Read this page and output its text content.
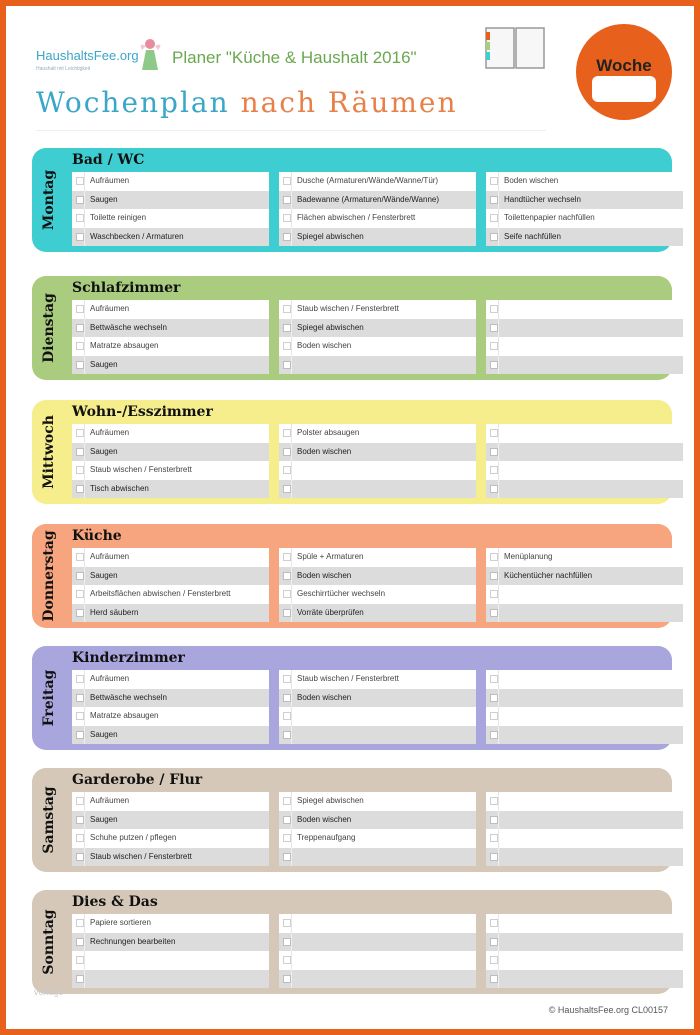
HaushaltsFee.org
Haushalt mit Leichtigkeit
Planer "Küche & Haushalt 2016"	Woche
Wochenplan nach Räumen
Montag
Bad / WC
Aufräumen
Saugen
Toilette reinigen
Waschbecken / Armaturen
Dusche (Armaturen/Wände/Wanne/Tür)
Badewanne (Armaturen/Wände/Wanne)
Flächen abwischen / Fensterbrett
Spiegel abwischen
Boden wischen
Handtücher wechseln
Toilettenpapier nachfüllen
Seife nachfüllen
Dienstag
Schlafzimmer
Aufräumen
Bettwäsche wechseln
Matratze absaugen
Saugen
Staub wischen / Fensterbrett
Spiegel abwischen
Boden wischen
Mittwoch
Wohn-/Esszimmer
Aufräumen
Saugen
Staub wischen / Fensterbrett
Tisch abwischen
Polster absaugen
Boden wischen
Donnerstag Küche
Aufräumen
Saugen
Arbeitsflächen abwischen / Fensterbrett
Herd säubern
Spüle + Armaturen
Boden wischen
Geschirrtücher wechseln
Vorräte überprüfen
Menüplanung
Küchentücher nachfüllen
Freitag
Kinderzimmer
Aufräumen
Bettwäsche wechseln
Matratze absaugen
Saugen
Staub wischen / Fensterbrett
Boden wischen
Samstag
Garderobe / Flur
Aufräumen
Saugen
Schuhe putzen / pflegen
Staub wischen / Fensterbrett
Spiegel abwischen
Boden wischen
Treppenaufgang
Sonntag
Dies & Das
Papiere sortieren
Rechnungen bearbeiten
vorlage
© HaushaltsFee.org CL00157
